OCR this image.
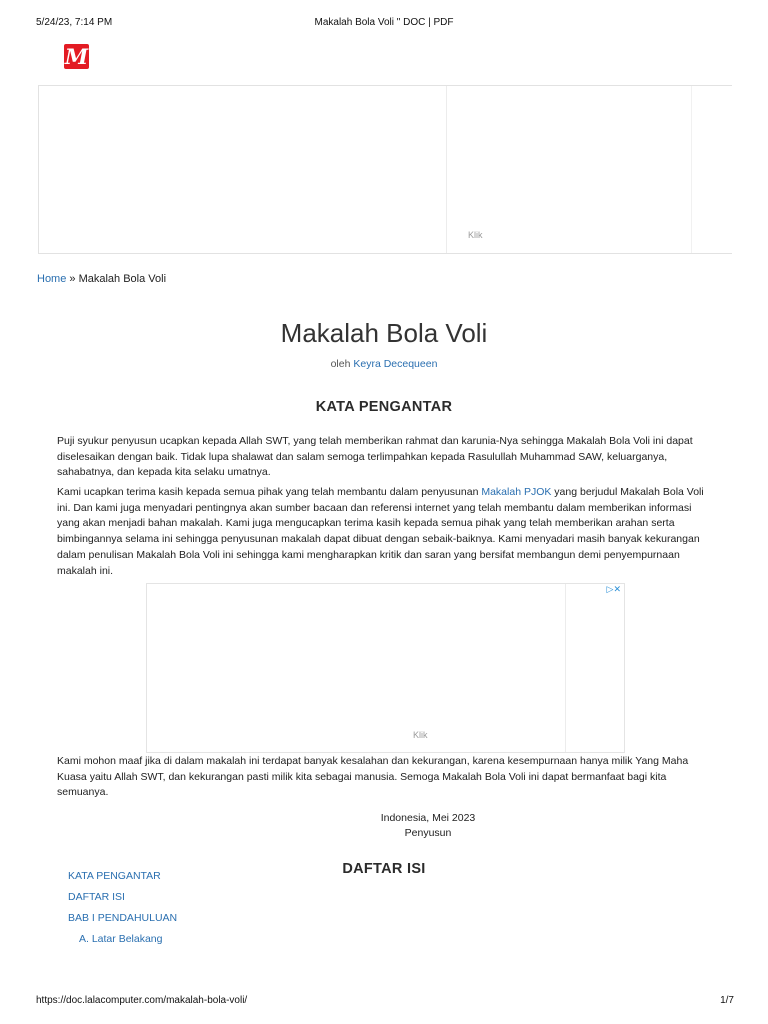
5/24/23, 7:14 PM	Makalah Bola Voli " DOC | PDF
M
Klik
Home » Makalah Bola Voli
Makalah Bola Voli
oleh Keyra Decequeen
KATA PENGANTAR

Puji syukur penyusun ucapkan kepada Allah SWT, yang telah memberikan rahmat dan karunia-Nya sehingga Makalah Bola Voli ini dapat diselesaikan dengan baik. Tidak lupa shalawat dan salam semoga terlimpahkan kepada Rasulullah Muhammad SAW, keluarganya, sahabatnya, dan kepada kita selaku umatnya.

Kami ucapkan terima kasih kepada semua pihak yang telah membantu dalam penyusunan Makalah PJOK yang berjudul Makalah Bola Voli ini. Dan kami juga menyadari pentingnya akan sumber bacaan dan referensi internet yang telah membantu dalam memberikan informasi yang akan menjadi bahan makalah. Kami juga mengucapkan terima kasih kepada semua pihak yang telah memberikan arahan serta bimbingannya selama ini sehingga penyusunan makalah dapat dibuat dengan sebaik-baiknya. Kami menyadari masih banyak kekurangan dalam penulisan Makalah Bola Voli ini sehingga kami mengharapkan kritik dan saran yang bersifat membangun demi penyempurnaan makalah ini.

▷✕
Klik

Kami mohon maaf jika di dalam makalah ini terdapat banyak kesalahan dan kekurangan, karena kesempurnaan hanya milik Yang Maha Kuasa yaitu Allah SWT, dan kekurangan pasti milik kita sebagai manusia. Semoga Makalah Bola Voli ini dapat bermanfaat bagi kita semuanya.

Indonesia, Mei 2023
Penyusun
DAFTAR ISI
KATA PENGANTAR
DAFTAR ISI
BAB I PENDAHULUAN
A. Latar Belakang
https://doc.lalacomputer.com/makalah-bola-voli/	1/7
